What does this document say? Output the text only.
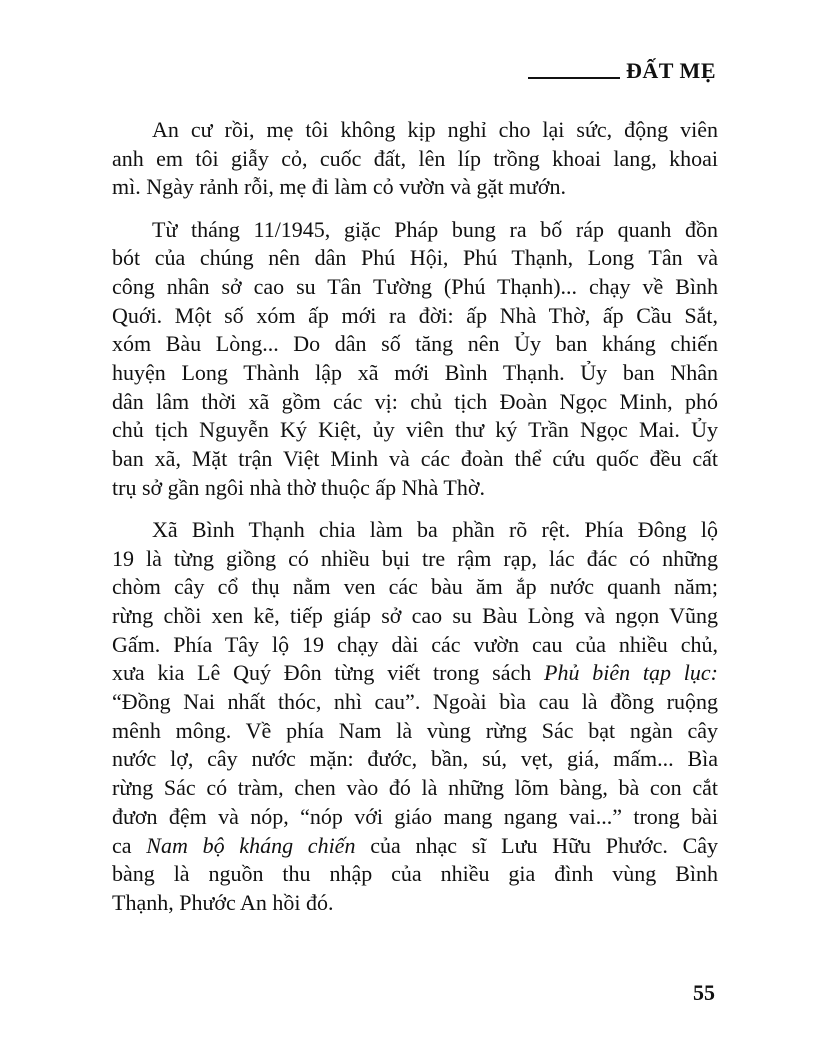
ĐẤT MẸ
An cư rồi, mẹ tôi không kịp nghỉ cho lại sức, động viên
anh em tôi giẫy cỏ, cuốc đất, lên líp trồng khoai lang, khoai
mì. Ngày rảnh rỗi, mẹ đi làm cỏ vườn và gặt mướn.
Từ tháng 11/1945, giặc Pháp bung ra bố ráp quanh đồn
bót của chúng nên dân Phú Hội, Phú Thạnh, Long Tân và
công nhân sở cao su Tân Tường (Phú Thạnh)... chạy về Bình
Quới. Một số xóm ấp mới ra đời: ấp Nhà Thờ, ấp Cầu Sắt,
xóm Bàu Lòng... Do dân số tăng nên Ủy ban kháng chiến
huyện Long Thành lập xã mới Bình Thạnh. Ủy ban Nhân
dân lâm thời xã gồm các vị: chủ tịch Đoàn Ngọc Minh, phó
chủ tịch Nguyễn Ký Kiệt, ủy viên thư ký Trần Ngọc Mai. Ủy
ban xã, Mặt trận Việt Minh và các đoàn thể cứu quốc đều cất
trụ sở gần ngôi nhà thờ thuộc ấp Nhà Thờ.
Xã Bình Thạnh chia làm ba phần rõ rệt. Phía Đông lộ
19 là từng giồng có nhiều bụi tre rậm rạp, lác đác có những
chòm cây cổ thụ nằm ven các bàu ăm ắp nước quanh năm;
rừng chồi xen kẽ, tiếp giáp sở cao su Bàu Lòng và ngọn Vũng
Gấm. Phía Tây lộ 19 chạy dài các vườn cau của nhiều chủ,
xưa kia Lê Quý Đôn từng viết trong sách Phủ biên tạp lục:
“Đồng Nai nhất thóc, nhì cau”. Ngoài bìa cau là đồng ruộng
mênh mông. Về phía Nam là vùng rừng Sác bạt ngàn cây
nước lợ, cây nước mặn: đước, bần, sú, vẹt, giá, mấm... Bìa
rừng Sác có tràm, chen vào đó là những lõm bàng, bà con cắt
đươn đệm và nóp, “nóp với giáo mang ngang vai...” trong bài
ca Nam bộ kháng chiến của nhạc sĩ Lưu Hữu Phước. Cây
bàng là nguồn thu nhập của nhiều gia đình vùng Bình
Thạnh, Phước An hồi đó.
55
